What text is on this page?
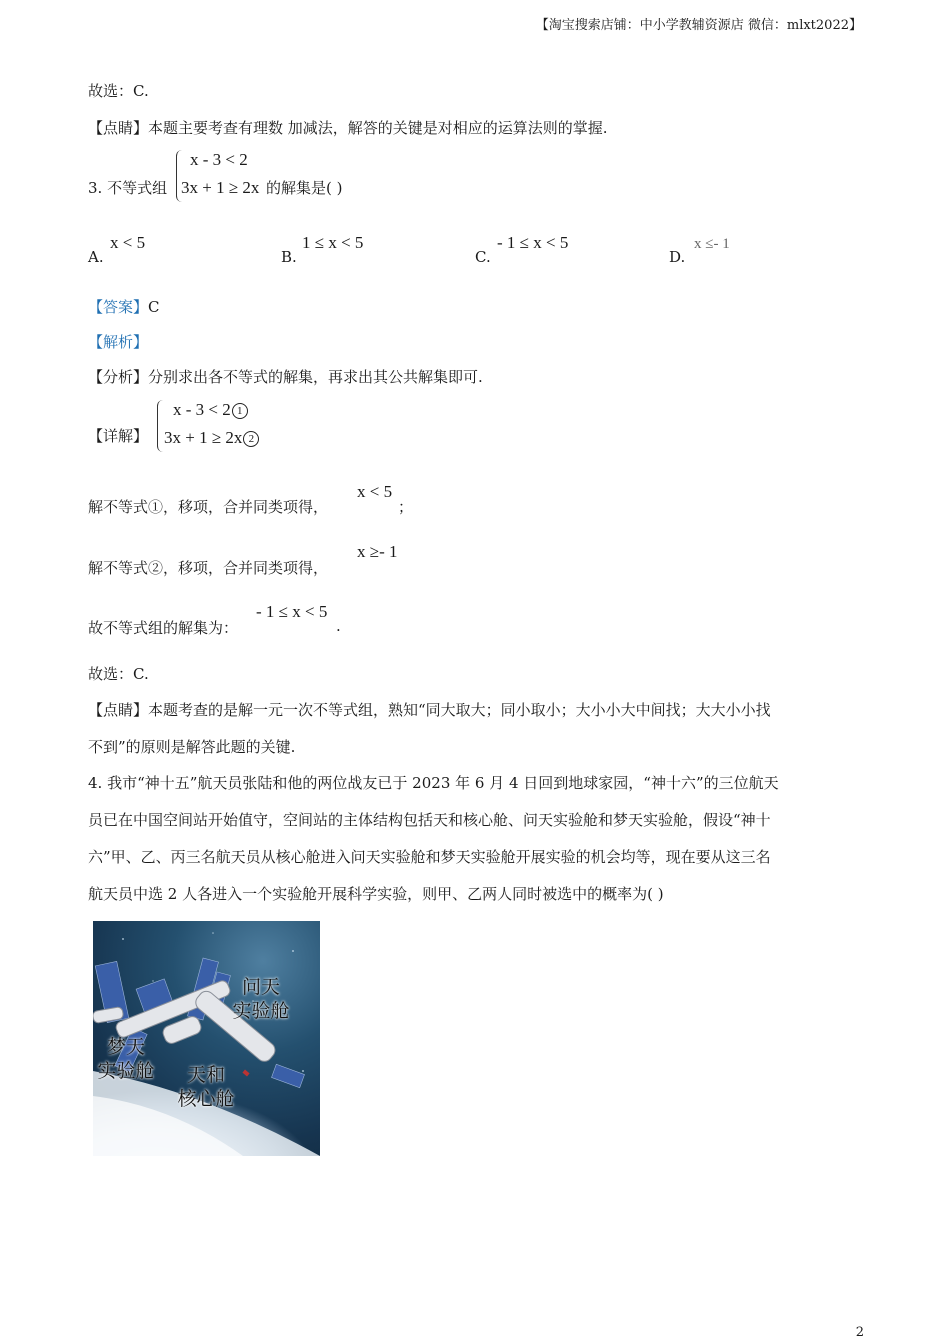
【淘宝搜索店铺：中小学教辅资源店 微信：mlxt2022】
故选：C.
【点睛】本题主要考查有理数 加减法，解答的关键是对相应的运算法则的掌握.
3. 不等式组
x - 3 < 2
3x + 1 ≥ 2x 的解集是( )
A.
x < 5
B.
1 ≤ x < 5
C.
- 1 ≤ x < 5
D.
x ≤- 1
【答案】C
【解析】
【分析】分别求出各不等式的解集，再求出其公共解集即可.
【详解】
x - 3 < 2 1
3x + 1 ≥ 2x 2
解不等式①，移项，合并同类项得，
x < 5
；
解不等式②，移项，合并同类项得，
x ≥- 1
故不等式组的解集为：
- 1 ≤ x < 5
.
故选：C.
【点睛】本题考查的是解一元一次不等式组，熟知“同大取大；同小取小；大小小大中间找；大大小小找
不到”的原则是解答此题的关键.
4. 我市“神十五”航天员张陆和他的两位战友已于 2023 年 6 月 4 日回到地球家园，“神十六”的三位航天
员已在中国空间站开始值守，空间站的主体结构包括天和核心舱、问天实验舱和梦天实验舱，假设“神十
六”甲、乙、丙三名航天员从核心舱进入问天实验舱和梦天实验舱开展实验的机会均等，现在要从这三名
航天员中选 2 人各进入一个实验舱开展科学实验，则甲、乙两人同时被选中的概率为( )
问天
实验舱
梦天
实验舱	天和
核心舱
2
